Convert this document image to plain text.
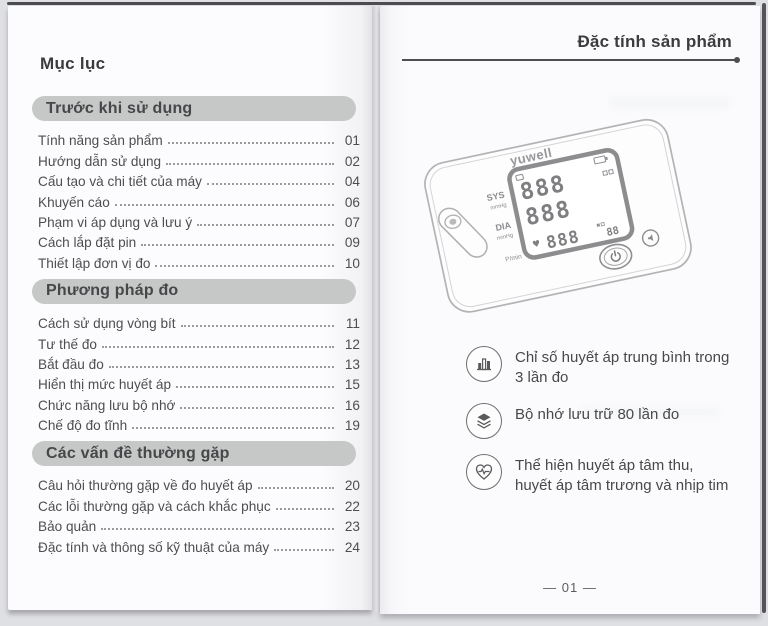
Mục lục
Trước khi sử dụng
Tính năng sản phẩm	01
Hướng dẫn sử dụng	02
Cấu tạo và chi tiết của máy	04
Khuyến cáo	06
Phạm vi áp dụng và lưu ý	07
Cách lắp đặt pin	09
Thiết lập đơn vị đo	10
Phương pháp đo
Cách sử dụng vòng bít	11
Tư thế đo	12
Bắt đầu đo	13
Hiển thị mức huyết áp	15
Chức năng lưu bộ nhớ	16
Chế độ đo tĩnh	19
Các vấn đề thường gặp
Câu hỏi thường gặp về đo huyết áp	20
Các lỗi thường gặp và cách khắc phục	22
Bảo quản	23
Đặc tính và thông số kỹ thuật của máy	24
Đặc tính sản phẩm
yuwell
888
888
♥ 888 88
SYS
mmHg
DIA
mmHg
P/min
Chỉ số huyết áp trung bình trong 3 lần đo
Bộ nhớ lưu trữ 80 lần đo
Thể hiện huyết áp tâm thu, huyết áp tâm trương và nhịp tim
— 01 —
